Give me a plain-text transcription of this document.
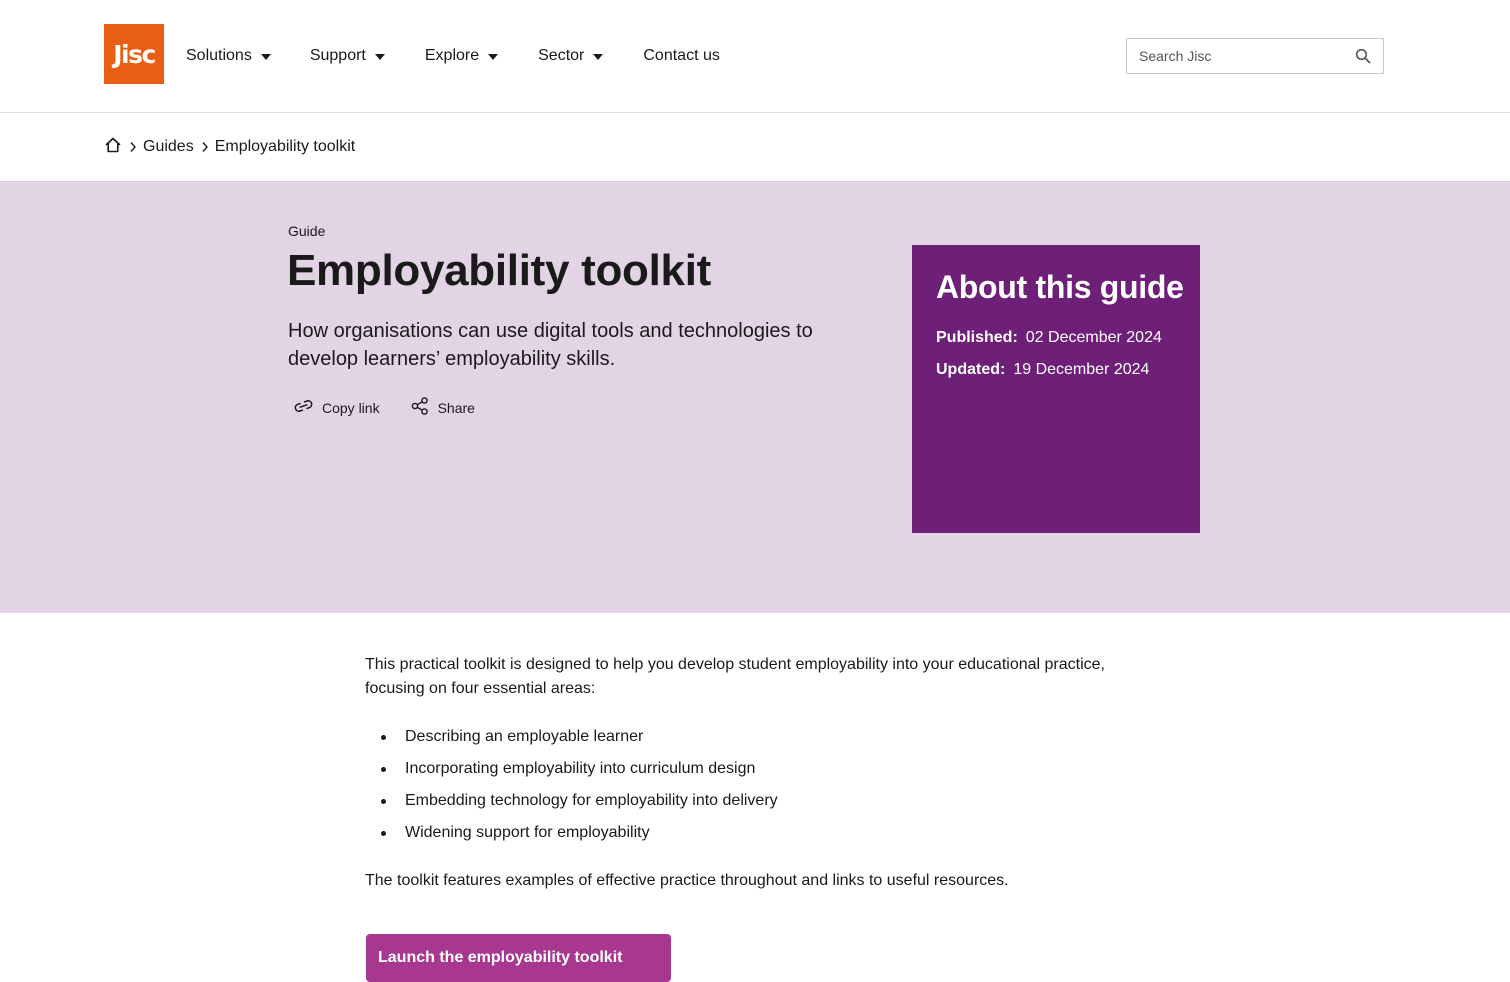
Jisc	Solutions	Support	Explore	Sector	Contact us
Search Jisc
Guides Employability toolkit
Guide
Employability toolkit

How organisations can use digital tools and technologies to develop learners’ employability skills.

Copy link	Share
About this guide
Published: 02 December 2024
Updated: 19 December 2024

This practical toolkit is designed to help you develop student employability into your educational practice, focusing on four essential areas:

Describing an employable learner
Incorporating employability into curriculum design
Embedding technology for employability into delivery
Widening support for employability

The toolkit features examples of effective practice throughout and links to useful resources.

Launch the employability toolkit
